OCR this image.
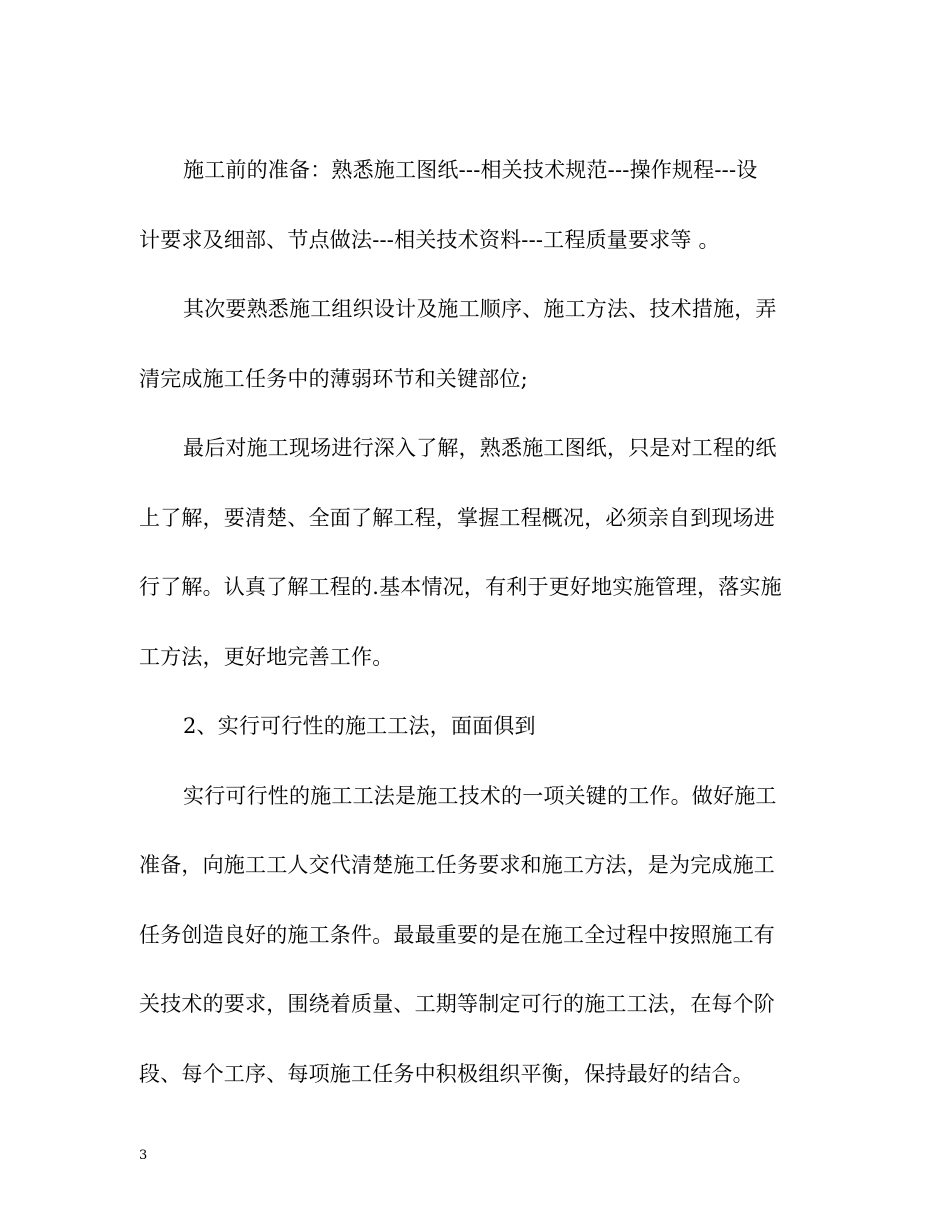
施工前的准备：熟悉施工图纸---相关技术规范---操作规程---设
计要求及细部、节点做法---相关技术资料---工程质量要求等 。

其次要熟悉施工组织设计及施工顺序、施工方法、技术措施，弄
清完成施工任务中的薄弱环节和关键部位;

最后对施工现场进行深入了解，熟悉施工图纸，只是对工程的纸
上了解，要清楚、全面了解工程，掌握工程概况，必须亲自到现场进
行了解。认真了解工程的.基本情况，有利于更好地实施管理，落实施
工方法，更好地完善工作。

2、实行可行性的施工工法，面面俱到

实行可行性的施工工法是施工技术的一项关键的工作。做好施工
准备，向施工工人交代清楚施工任务要求和施工方法，是为完成施工
任务创造良好的施工条件。最最重要的是在施工全过程中按照施工有
关技术的要求，围绕着质量、工期等制定可行的施工工法，在每个阶
段、每个工序、每项施工任务中积极组织平衡，保持最好的结合。

3
